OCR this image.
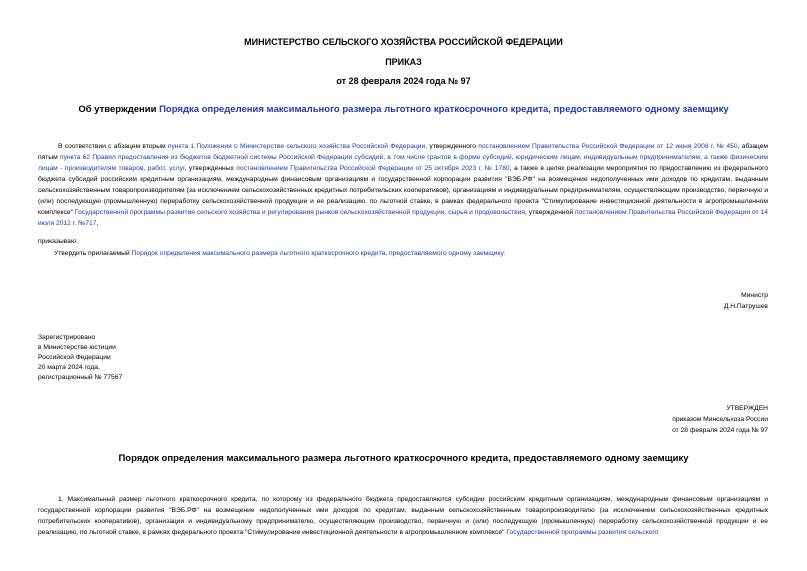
МИНИСТЕРСТВО СЕЛЬСКОГО ХОЗЯЙСТВА РОССИЙСКОЙ ФЕДЕРАЦИИ
ПРИКАЗ
от 28 февраля 2024 года № 97
Об утверждении Порядка определения максимального размера льготного краткосрочного кредита, предоставляемого одному заемщику
В соответствии с абзацем вторым пункта 1 Положения о Министерстве сельского хозяйства Российской Федерации, утвержденного постановлением Правительства Российской Федерации от 12 июня 2008 г. № 450, абзацем пятым пункта 62 Правил предоставления из бюджетов бюджетной системы Российской Федерации субсидий, в том числе грантов в форме субсидий, юридическим лицам, индивидуальным предпринимателям, а также физическим лицам - производителям товаров, работ, услуг, утвержденных постановлением Правительства Российской Федерации от 25 октября 2023 г. № 1780, а также в целях реализации мероприятия по предоставлению из федерального бюджета субсидий российским кредитным организациям, международным финансовым организациям и государственной корпорации развития "ВЭБ.РФ" на возмещение недополученных ими доходов по кредитам, выданным сельскохозяйственным товаропроизводителям (за исключением сельскохозяйственных кредитных потребительских кооперативов), организациям и индивидуальным предпринимателям, осуществляющим производство, первичную и (или) последующую (промышленную) переработку сельскохозяйственной продукции и ее реализацию, по льготной ставке, в рамках федерального проекта "Стимулирование инвестиционной деятельности в агропромышленном комплексе" Государственной программы развития сельского хозяйства и регулирования рынков сельскохозяйственной продукции, сырья и продовольствия, утвержденной постановлением Правительства Российской Федерации от 14 июля 2012 г. №717,
приказываю:
Утвердить прилагаемый Порядок определения максимального размера льготного краткосрочного кредита, предоставляемого одному заемщику.
Министр
Д.Н.Патрушев
Зарегистрировано
в Министерстве юстиции
Российской Федерации
20 марта 2024 года,
регистрационный № 77567
УТВЕРЖДЕН
приказом Минсельхоза России
от 28 февраля 2024 года № 97
Порядок определения максимального размера льготного краткосрочного кредита, предоставляемого одному заемщику
1. Максимальный размер льготного краткосрочного кредита, по которому из федерального бюджета предоставляются субсидии российским кредитным организациям, международным финансовым организациям и государственной корпорации развития "ВЭБ.РФ" на возмещение недополученных ими доходов по кредитам, выданным сельскохозяйственным товаропроизводителю (за исключением сельскохозяйственных кредитных потребительских кооперативов), организации и индивидуальному предпринимателю, осуществляющим производство, первичную и (или) последующую (промышленную) переработку сельскохозяйственной продукции и ее реализацию, по льготной ставке, в рамках федерального проекта "Стимулирование инвестиционной деятельности в агропромышленном комплексе" Государственной программы развития сельского
